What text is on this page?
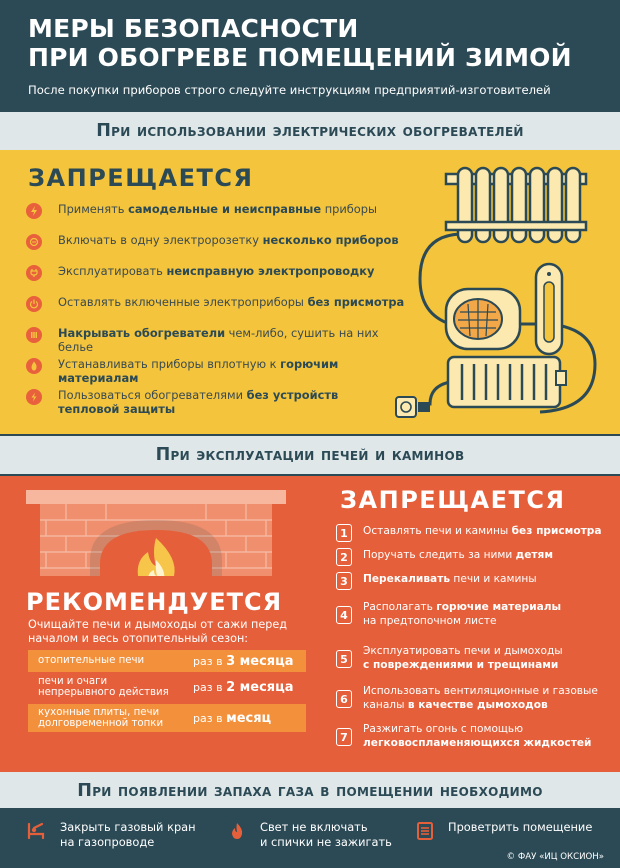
МЕРЫ БЕЗОПАСНОСТИ
ПРИ ОБОГРЕВЕ ПОМЕЩЕНИЙ ЗИМОЙ
После покупки приборов строго следуйте инструкциям предприятий-изготовителей
При использовании электрических обогревателей
ЗАПРЕЩАЕТСЯ
Применять самодельные и неисправные приборы
Включать в одну электророзетку несколько приборов
Эксплуатировать неисправную электропроводку
Оставлять включенные электроприборы без присмотра
Накрывать обогреватели чем-либо, сушить на них белье
Устанавливать приборы вплотную к горючим материалам
Пользоваться обогревателями без устройств
тепловой защиты
При эксплуатации печей и каминов
РЕКОМЕНДУЕТСЯ
Очищайте печи и дымоходы от сажи перед началом и весь отопительный сезон:
отопительные печи	раз в 3 месяца
печи и очаги
непрерывного действия	раз в 2 месяца
кухонные плиты, печи
долговременной топки	раз в месяц
ЗАПРЕЩАЕТСЯ
1	Оставлять печи и камины без присмотра
2	Поручать следить за ними детям
3	Перекаливать печи и камины
4
Располагать горючие материалы
на предтопочном листе
5
Эксплуатировать печи и дымоходы
с повреждениями и трещинами
6
Использовать вентиляционные и газовые
каналы в качестве дымоходов
7
Разжигать огонь с помощью
легковоспламеняющихся жидкостей
При появлении запаха газа в помещении необходимо
Закрыть газовый кран
на газопроводе
Свет не включать
и спички не зажигать
Проветрить помещение
© ФАУ «ИЦ ОКСИОН»
